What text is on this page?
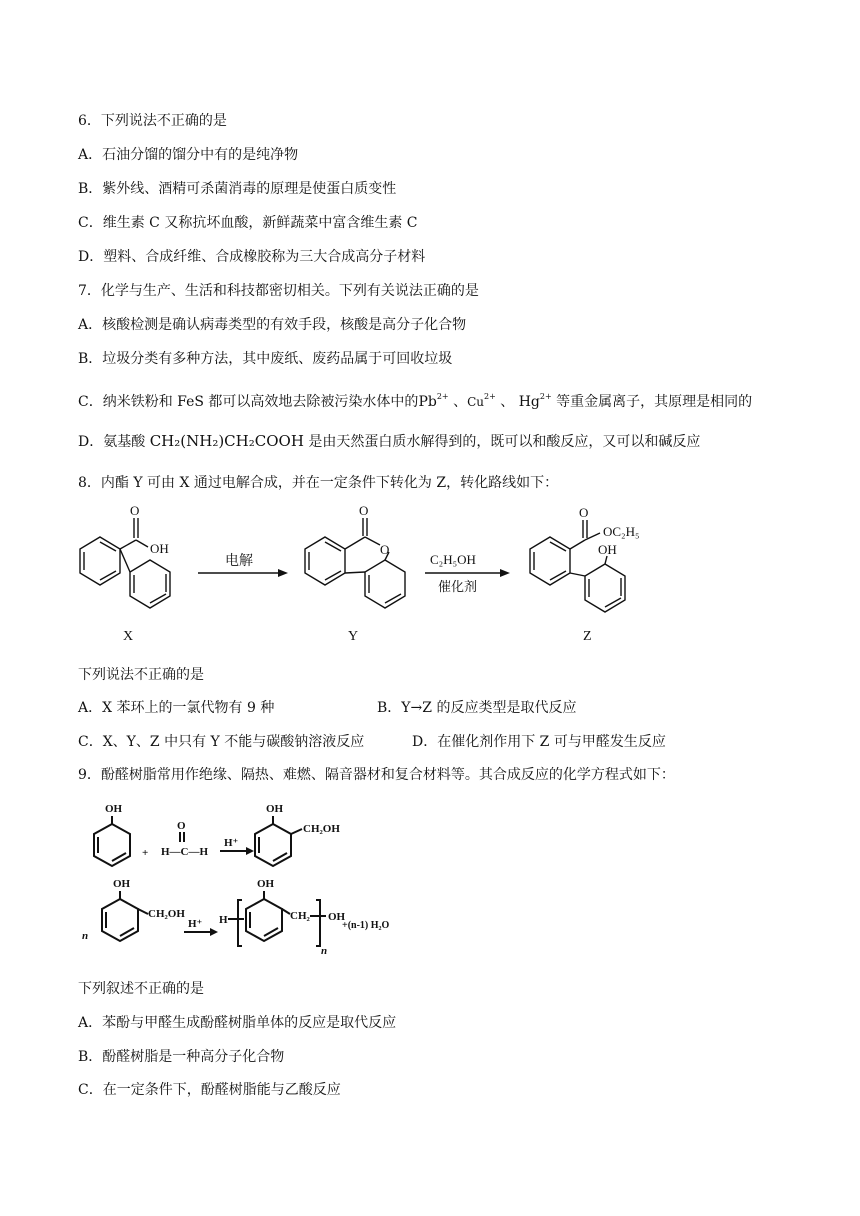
6．下列说法不正确的是
A．石油分馏的馏分中有的是纯净物
B．紫外线、酒精可杀菌消毒的原理是使蛋白质变性
C．维生素 C 又称抗坏血酸，新鲜蔬菜中富含维生素 C
D．塑料、合成纤维、合成橡胶称为三大合成高分子材料
7．化学与生产、生活和科技都密切相关。下列有关说法正确的是
A．核酸检测是确认病毒类型的有效手段，核酸是高分子化合物
B．垃圾分类有多种方法，其中废纸、废药品属于可回收垃圾
C．纳米铁粉和 FeS 都可以高效地去除被污染水体中的$Pb^{2+}$ 、$Cu^{2+}$ 、 $Hg^{2+}$ 等重金属离子，其原理是相同的
D．氨基酸 CH₂(NH₂)CH₂COOH 是由天然蛋白质水解得到的，既可以和酸反应，又可以和碱反应
8．内酯 Y 可由 X 通过电解合成，并在一定条件下转化为 Z，转化路线如下：
O
OH
O
O
O
OC₂H₅
OH
电解	C₂H₅OH
催化剂
X	Y	Z
下列说法不正确的是
A．X 苯环上的一氯代物有 9 种	B．Y→Z 的反应类型是取代反应
C．X、Y、Z 中只有 Y 不能与碳酸钠溶液反应	D．在催化剂作用下 Z 可与甲醛发生反应
9．酚醛树脂常用作绝缘、隔热、难燃、隔音器材和复合材料等。其合成反应的化学方程式如下：
OH
+ H—C—H
O
H⁺
OH
CH₂OH
n
OH
CH₂OH
H⁺ H
OH
CH₂ OH
n
+(n-1) H₂O
下列叙述不正确的是
A．苯酚与甲醛生成酚醛树脂单体的反应是取代反应
B．酚醛树脂是一种高分子化合物
C．在一定条件下，酚醛树脂能与乙酸反应
